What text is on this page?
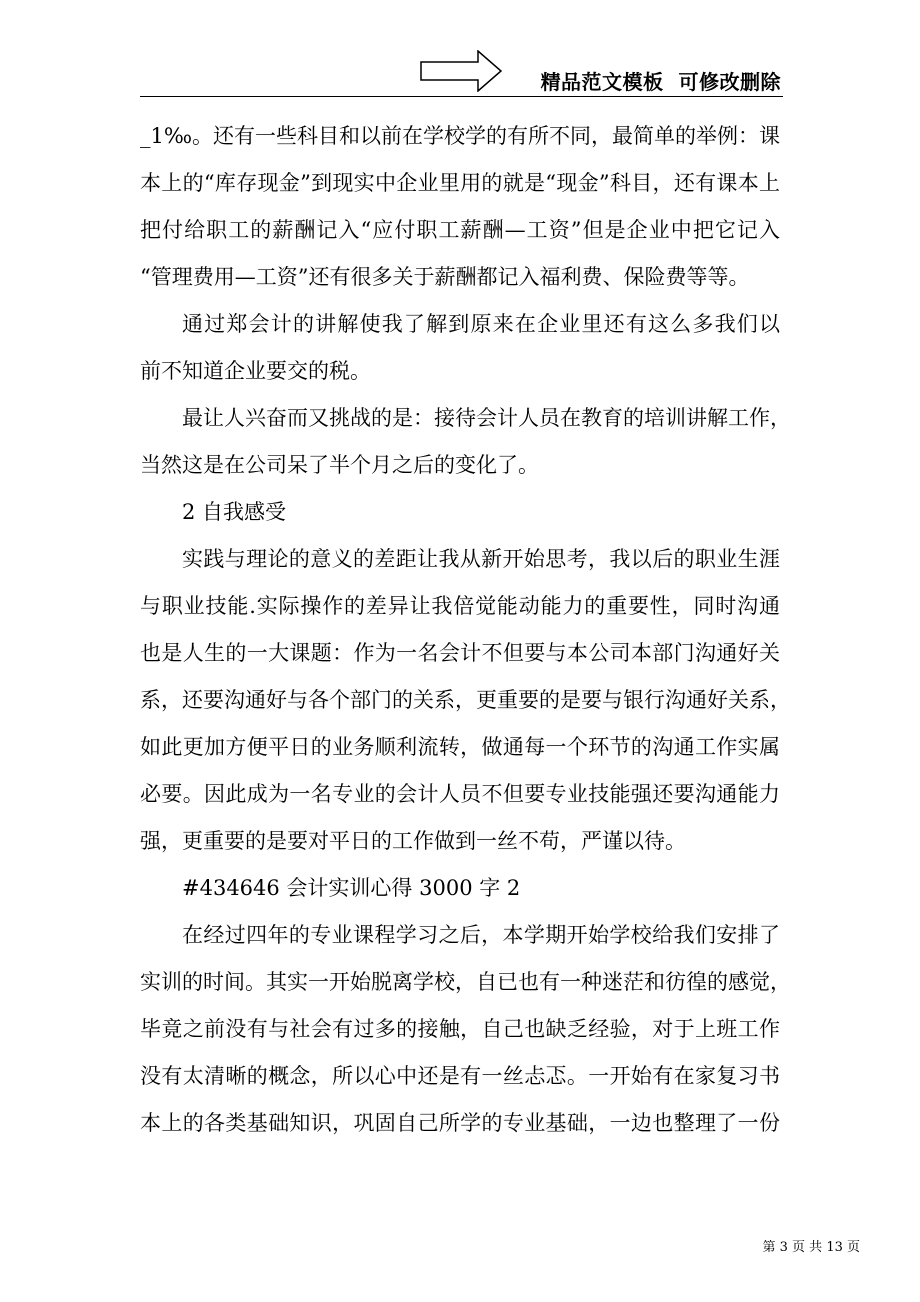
精品范文模板  可修改删除
_1‰。还有一些科目和以前在学校学的有所不同，最简单的举例：课
本上的“库存现金”到现实中企业里用的就是“现金”科目，还有课本上
把付给职工的薪酬记入“应付职工薪酬—工资”但是企业中把它记入
“管理费用—工资”还有很多关于薪酬都记入福利费、保险费等等。
通过郑会计的讲解使我了解到原来在企业里还有这么多我们以
前不知道企业要交的税。
最让人兴奋而又挑战的是：接待会计人员在教育的培训讲解工作，
当然这是在公司呆了半个月之后的变化了。
2 自我感受
实践与理论的意义的差距让我从新开始思考，我以后的职业生涯
与职业技能.实际操作的差异让我倍觉能动能力的重要性，同时沟通
也是人生的一大课题：作为一名会计不但要与本公司本部门沟通好关
系，还要沟通好与各个部门的关系，更重要的是要与银行沟通好关系，
如此更加方便平日的业务顺利流转，做通每一个环节的沟通工作实属
必要。因此成为一名专业的会计人员不但要专业技能强还要沟通能力
强，更重要的是要对平日的工作做到一丝不苟，严谨以待。
#434646 会计实训心得 3000 字 2
在经过四年的专业课程学习之后，本学期开始学校给我们安排了
实训的时间。其实一开始脱离学校，自已也有一种迷茫和彷徨的感觉，
毕竟之前没有与社会有过多的接触，自己也缺乏经验，对于上班工作
没有太清晰的概念，所以心中还是有一丝忐忑。一开始有在家复习书
本上的各类基础知识，巩固自己所学的专业基础，一边也整理了一份
第 3 页 共 13 页
